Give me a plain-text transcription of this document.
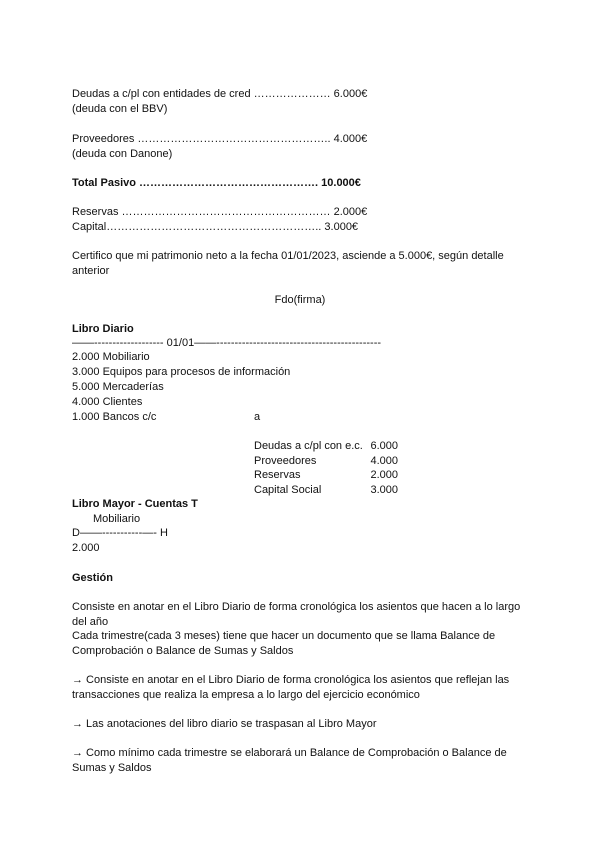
Deudas a c/pl con entidades de cred ………………… 6.000€
(deuda con el BBV)
Proveedores …………………………………………….. 4.000€
(deuda con Danone)
Total Pasivo …………………………………………. 10.000€
Reservas ………………………………………………… 2.000€
Capital………………………………………………….. 3.000€
Certifico que mi patrimonio neto a la fecha 01/01/2023, asciende a 5.000€, según detalle
anterior
Fdo(firma)
Libro Diario
——------------------- 01/01——---------------------------------------------
2.000 Mobiliario
3.000 Equipos para procesos de información
5.000 Mercaderías
4.000 Clientes
1.000 Bancos c/c	a
Deudas a c/pl con e.c. 6.000
Proveedores	4.000
Reservas	2.000
Capital Social	3.000
Libro Mayor - Cuentas T
Mobiliario
D——-----------—- H
2.000
Gestión
Consiste en anotar en el Libro Diario de forma cronológica los asientos que hacen a lo largo
del año
Cada trimestre(cada 3 meses) tiene que hacer un documento que se llama Balance de
Comprobación o Balance de Sumas y Saldos
→ Consiste en anotar en el Libro Diario de forma cronológica los asientos que reflejan las
transacciones que realiza la empresa a lo largo del ejercicio económico
→ Las anotaciones del libro diario se traspasan al Libro Mayor
→ Como mínimo cada trimestre se elaborará un Balance de Comprobación o Balance de
Sumas y Saldos
